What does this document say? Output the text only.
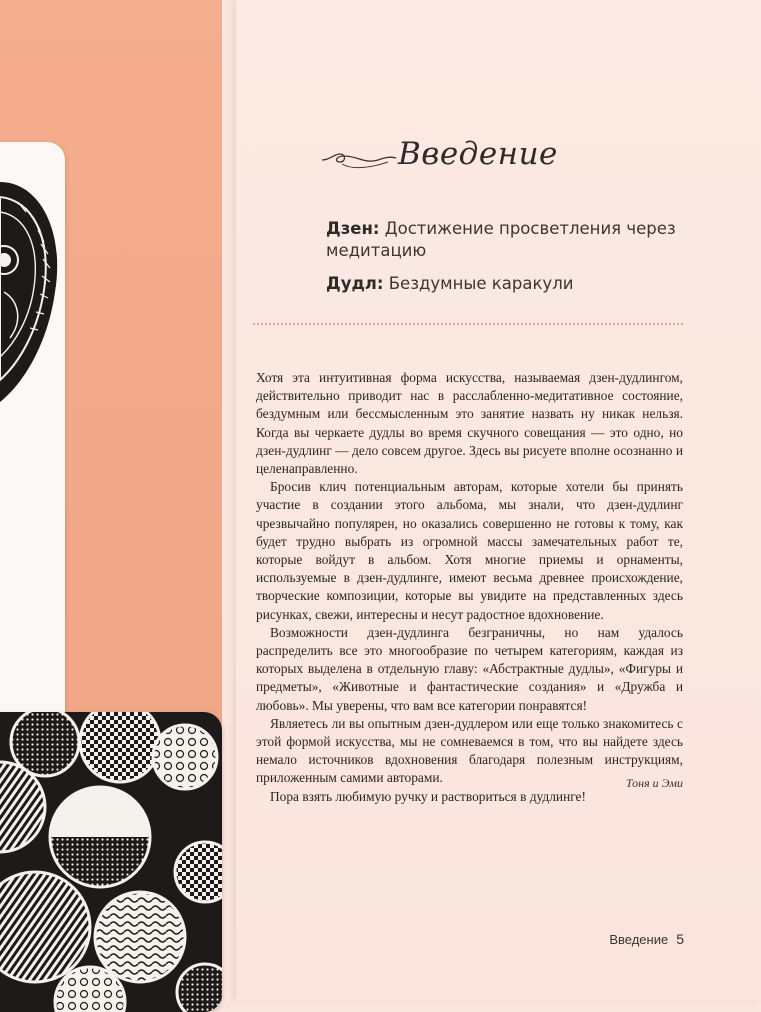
Введение
Дзен: Достижение просветления через медитацию
Дудл: Бездумные каракули

Хотя эта интуитивная форма искусства, называемая дзен-дудлингом, действительно приводит нас в расслабленно-медитативное состояние, бездумным или бессмысленным это занятие назвать ну никак нельзя. Когда вы черкаете дудлы во время скучного совещания — это одно, но дзен-дудлинг — дело совсем другое. Здесь вы рисуете вполне осознанно и целенаправленно.

Бросив клич потенциальным авторам, которые хотели бы принять участие в создании этого альбома, мы знали, что дзен-дудлинг чрезвычайно популярен, но оказались совершенно не готовы к тому, как будет трудно выбрать из огромной массы замечательных работ те, которые войдут в альбом. Хотя многие приемы и орнаменты, используемые в дзен-дудлинге, имеют весьма древнее происхождение, творческие композиции, которые вы увидите на представленных здесь рисунках, свежи, интересны и несут радостное вдохновение.

Возможности дзен-дудлинга безграничны, но нам удалось распределить все это многообразие по четырем категориям, каждая из которых выделена в отдельную главу: «Абстрактные дудлы», «Фигуры и предметы», «Животные и фантастические создания» и «Дружба и любовь». Мы уверены, что вам все категории понравятся!

Являетесь ли вы опытным дзен-дудлером или еще только знакомитесь с этой формой искусства, мы не сомневаемся в том, что вы найдете здесь немало источников вдохновения благодаря полезным инструкциям, приложенным самими авторами.

Пора взять любимую ручку и раствориться в дудлинге!

Тоня и Эми
Введение 5
